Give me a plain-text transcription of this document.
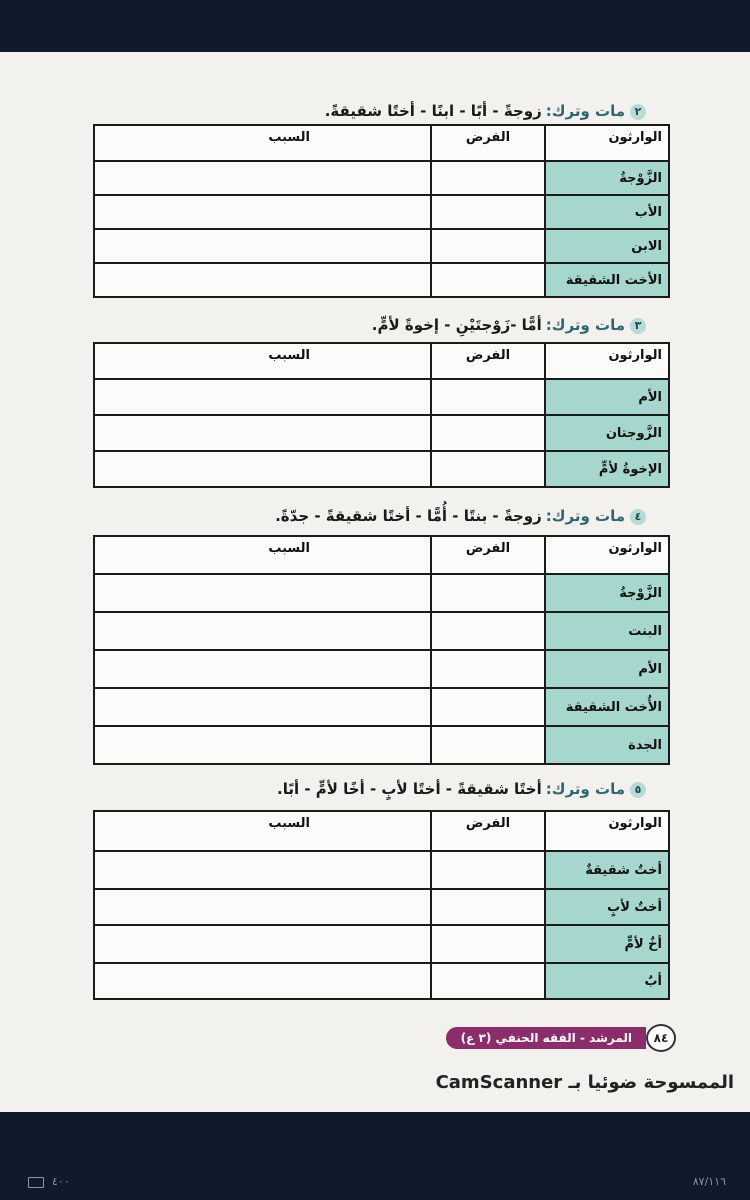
٢مات وترك:زوجةً - أبًا - ابنًا - أختًا شقيقةً.
الوارثون	الفرض	السبب
الزَّوْجةُ		
الأب		
الابن		
الأخت الشقيقة		
٣مات وترك:أمًّا -زَوْجتَيْنِ - إخوةً لأمٍّ.
الوارثون	الفرض	السبب
الأم		
الزَّوجتان		
الإخوةُ لأمٍّ		
٤مات وترك:زوجةً - بنتًا - أُمًّا - أختًا شقيقةً - جدّةً.
الوارثون	الفرض	السبب
الزَّوْجةُ		
البنت		
الأم		
الأُخت الشقيقة		
الجدة		
٥مات وترك:أختًا شقيقةً - أختًا لأبٍ - أخًا لأمٍّ - أبًا.
الوارثون	الفرض	السبب
أختٌ شقيقةٌ		
أختٌ لأبٍ		
أخٌ لأمٍّ		
أبٌ		
المرشد - الفقه الحنفي (٣ ع)	٨٤
الممسوحة ضوئيا بـ CamScanner
٤٠٠	٨٧/١١٦
